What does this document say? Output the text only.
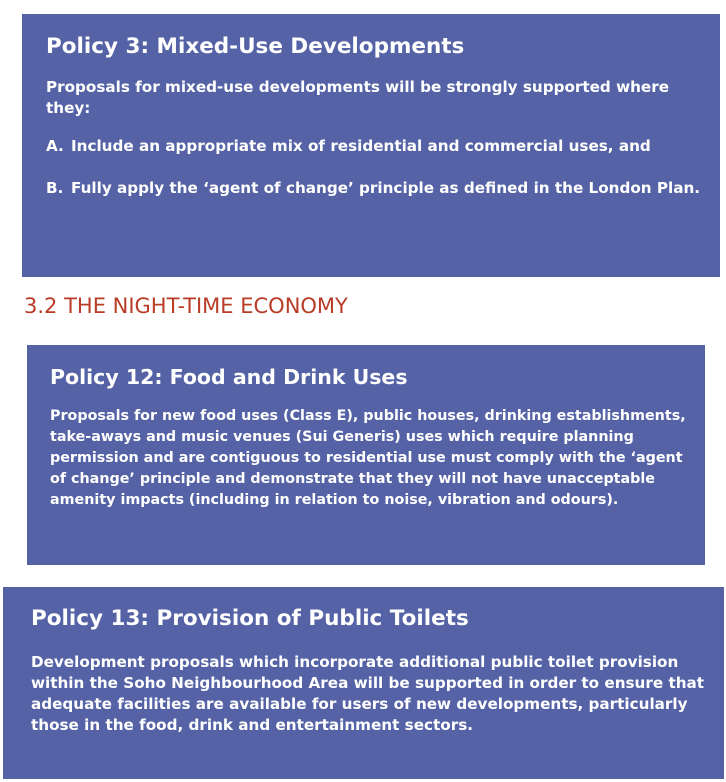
Policy 3: Mixed-Use Developments

Proposals for mixed-use developments will be strongly supported where they:

A. Include an appropriate mix of residential and commercial uses, and
B. Fully apply the ‘agent of change’ principle as defined in the London Plan.
3.2 THE NIGHT-TIME ECONOMY
Policy 12: Food and Drink Uses

Proposals for new food uses (Class E), public houses, drinking establishments, take-aways and music venues (Sui Generis) uses which require planning permission and are contiguous to residential use must comply with the ‘agent of change’ principle and demonstrate that they will not have unacceptable amenity impacts (including in relation to noise, vibration and odours).

Policy 13: Provision of Public Toilets

Development proposals which incorporate additional public toilet provision within the Soho Neighbourhood Area will be supported in order to ensure that adequate facilities are available for users of new developments, particularly those in the food, drink and entertainment sectors.
